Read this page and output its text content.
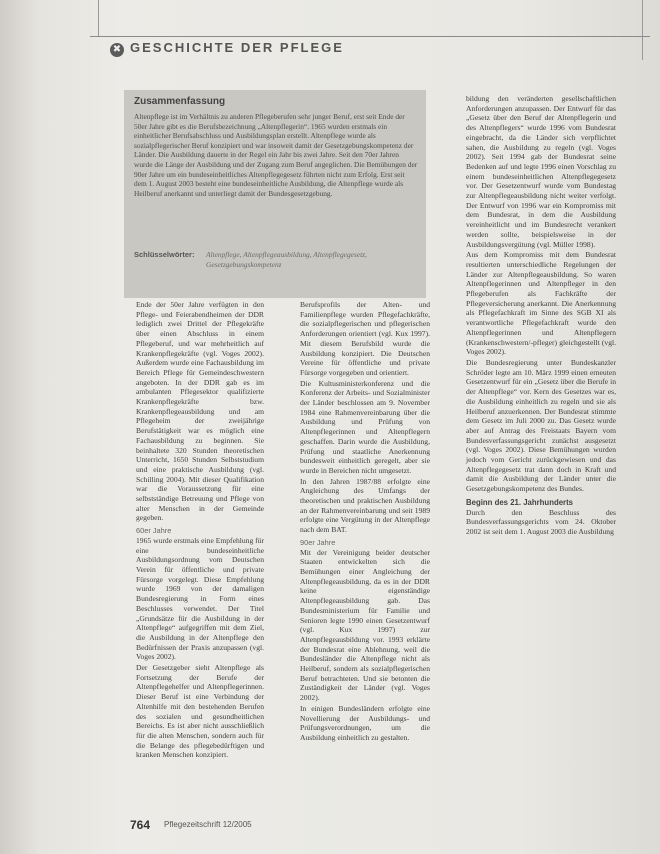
✖ GESCHICHTE DER PFLEGE
Zusammenfassung
Altenpflege ist im Verhältnis zu anderen Pflegeberufen sehr junger Beruf, erst seit Ende der 50er Jahre gibt es die Berufsbezeichnung „Altenpflegerin“. 1965 wurden erstmals ein einheitlicher Berufsabschluss und Ausbildungsplan erstellt. Altenpflege wurde als sozialpflegerischer Beruf konzipiert und war insoweit damit der Gesetzgebungskompetenz der Länder. Die Ausbildung dauerte in der Regel ein Jahr bis zwei Jahre. Seit den 70er Jahren wurde die Länge der Ausbildung und der Zugang zum Beruf angeglichen. Die Bemühungen der 90er Jahre um ein bundeseinheitliches Altenpflegegesetz führten nicht zum Erfolg. Erst seit dem 1. August 2003 besteht eine bundeseinheitliche Ausbildung, die Altenpflege wurde als Heilberuf anerkannt und unterliegt damit der Bundesgesetzgebung.
Schlüsselwörter: Altenpflege, Altenpflegeausbildung, Altenpflegegesetz, Gesetzgebungskompetenz

Ende der 50er Jahre verfügten in den Pflege- und Feierabendheimen der DDR lediglich zwei Drittel der Pflegekräfte über einen Abschluss in einem Pflegeberuf, und war mehrheitlich auf Krankenpflegekräfte (vgl. Voges 2002). Außerdem wurde eine Fachausbildung im Bereich Pflege für Gemeindeschwestern angeboten. In der DDR gab es im ambulanten Pflegesektor qualifizierte Krankenpflegekräfte bzw. Krankenpflegeausbildung und am Pflegeheim der zweijährige Berufstätigkeit war es möglich eine Fachausbildung zu beginnen. Sie beinhaltete 320 Stunden theoretischen Unterricht, 1650 Stunden Selbststudium und eine praktische Ausbildung (vgl. Schilling 2004). Mit dieser Qualifikation war die Voraussetzung für eine selbstständige Betreuung und Pflege von alter Menschen in der Gemeinde gegeben.

60er Jahre

1965 wurde erstmals eine Empfehlung für eine bundeseinheitliche Ausbildungsordnung vom Deutschen Verein für öffentliche und private Fürsorge vorgelegt. Diese Empfehlung wurde 1969 von der damaligen Bundesregierung in Form eines Beschlusses verwendet. Der Titel „Grundsätze für die Ausbildung in der Altenpflege“ aufgegriffen mit dem Ziel, die Ausbildung in der Altenpflege den Bedürfnissen der Praxis anzupassen (vgl. Voges 2002).

Der Gesetzgeber sieht Altenpflege als Fortsetzung der Berufe der Altenpflegehelfer und Altenpflegerinnen. Dieser Beruf ist eine Verbindung der Altenhilfe mit den bestehenden Berufen des sozialen und gesundheitlichen Bereichs. Es ist aber nicht ausschließlich für die alten Menschen, sondern auch für die Belange des pflegebedürftigen und kranken Menschen konzipiert.

Berufsprofils der Alten- und Familienpflege wurden Pflegefachkräfte, die sozialpflegerischen und pflegerischen Anforderungen orientiert (vgl. Kux 1997). Mit diesem Berufsbild wurde die Ausbildung konzipiert. Die Deutschen Vereine für öffentliche und private Fürsorge vorgegeben und orientiert.

Die Kultusministerkonferenz und die Konferenz der Arbeits- und Sozialminister der Länder beschlossen am 9. November 1984 eine Rahmenvereinbarung über die Ausbildung und Prüfung von Altenpflegerinnen und Altenpflegern geschaffen. Darin wurde die Ausbildung, Prüfung und staatliche Anerkennung bundesweit einheitlich geregelt, aber sie wurde in Bereichen nicht umgesetzt.

In den Jahren 1987/88 erfolgte eine Angleichung des Umfangs der theoretischen und praktischen Ausbildung an der Rahmenvereinbarung und seit 1989 erfolgte eine Vergütung in der Altenpflege nach dem BAT.

90er Jahre

Mit der Vereinigung beider deutscher Staaten entwickelten sich die Bemühungen einer Angleichung der Altenpflegeausbildung, da es in der DDR keine eigenständige Altenpflegeausbildung gab. Das Bundesministerium für Familie und Senioren legte 1990 einen Gesetzentwurf (vgl. Kux 1997) zur Altenpflegeausbildung vor. 1993 erklärte der Bundesrat eine Ablehnung, weil die Bundesländer die Altenpflege nicht als Heilberuf, sondern als sozialpflegerischen Beruf betrachteten. Und sie betonten die Zuständigkeit der Länder (vgl. Voges 2002).

In einigen Bundesländern erfolgte eine Novellierung der Ausbildungs- und Prüfungsverordnungen, um die Ausbildung einheitlich zu gestalten.

bildung den veränderten gesellschaftlichen Anforderungen anzupassen. Der Entwurf für das „Gesetz über den Beruf der Altenpflegerin und des Altenpflegers“ wurde 1996 vom Bundesrat eingebracht, da die Länder sich verpflichtet sahen, die Ausbildung zu regeln (vgl. Voges 2002). Seit 1994 gab der Bundesrat seine Bedenken auf und legte 1996 einen Vorschlag zu einem bundeseinheitlichen Altenpflegegesetz vor. Der Gesetzentwurf wurde vom Bundestag zur Altenpflegeausbildung nicht weiter verfolgt. Der Entwurf von 1996 war ein Kompromiss mit dem Bundesrat, in dem die Ausbildung vereinheitlicht und im Bundesrecht verankert werden sollte, beispielsweise in der Ausbildungsvergütung (vgl. Müller 1998).

Aus dem Kompromiss mit dem Bundesrat resultierten unterschiedliche Regelungen der Länder zur Altenpflegeausbildung. So waren Altenpflegerinnen und Altenpfleger in den Pflegeberufen als Fachkräfte der Pflegeversicherung anerkannt. Die Anerkennung als Pflegefachkraft im Sinne des SGB XI als verantwortliche Pflegefachkraft wurde den Altenpflegerinnen und Altenpflegern (Krankenschwestern/-pfleger) gleichgestellt (vgl. Voges 2002).

Die Bundesregierung unter Bundeskanzler Schröder legte am 10. März 1999 einen erneuten Gesetzentwurf für ein „Gesetz über die Berufe in der Altenpflege“ vor. Kern des Gesetzes war es, die Ausbildung einheitlich zu regeln und sie als Heilberuf anzuerkennen. Der Bundesrat stimmte dem Gesetz im Juli 2000 zu. Das Gesetz wurde aber auf Antrag des Freistaats Bayern vom Bundesverfassungsgericht zunächst ausgesetzt (vgl. Voges 2002). Diese Bemühungen wurden jedoch vom Gericht zurückgewiesen und das Altenpflegegesetz trat dann doch in Kraft und damit die Ausbildung der Länder unter die Gesetzgebungskompetenz des Bundes.

Beginn des 21. Jahrhunderts

Durch den Beschluss des Bundesverfassungsgerichts vom 24. Oktober 2002 ist seit dem 1. August 2003 die Ausbildung

764 Pflegezeitschrift 12/2005
